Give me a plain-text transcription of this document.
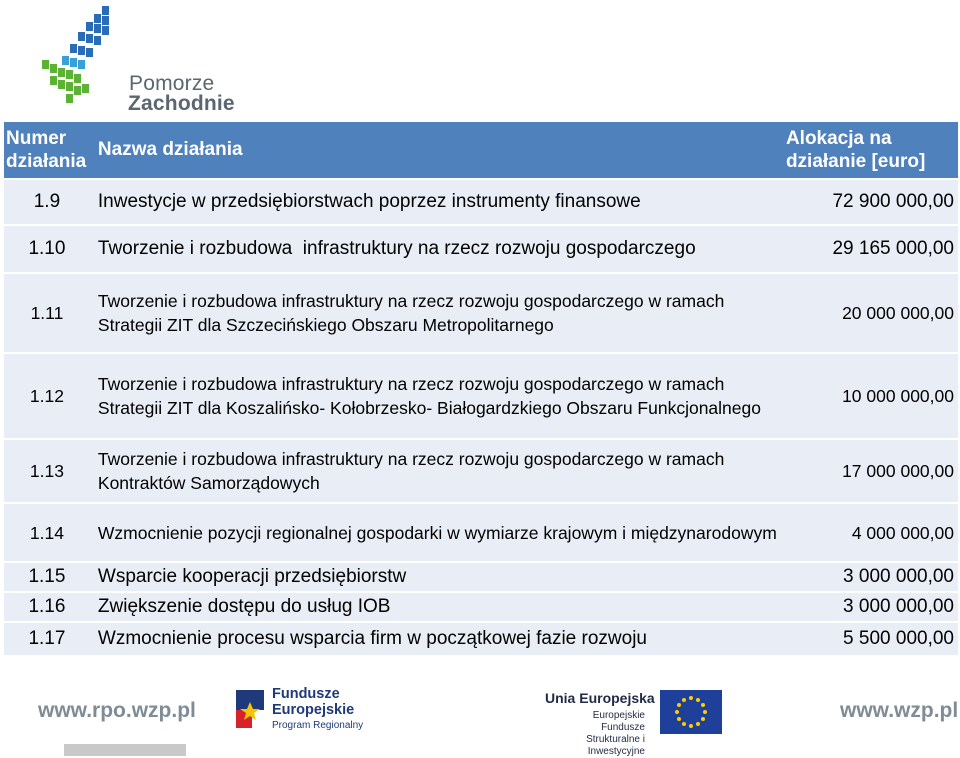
Pomorze
Zachodnie
Numer działania	Nazwa działania	Alokacja na działanie [euro]
1.9	Inwestycje w przedsiębiorstwach poprzez instrumenty finansowe	72 900 000,00
1.10	Tworzenie i rozbudowa  infrastruktury na rzecz rozwoju gospodarczego	29 165 000,00
1.11	Tworzenie i rozbudowa infrastruktury na rzecz rozwoju gospodarczego w ramach Strategii ZIT dla Szczecińskiego Obszaru Metropolitarnego	20 000 000,00
1.12	Tworzenie i rozbudowa infrastruktury na rzecz rozwoju gospodarczego w ramach Strategii ZIT dla Koszalińsko- Kołobrzesko- Białogardzkiego Obszaru Funkcjonalnego	10 000 000,00
1.13	Tworzenie i rozbudowa infrastruktury na rzecz rozwoju gospodarczego w ramach Kontraktów Samorządowych	17 000 000,00
1.14	Wzmocnienie pozycji regionalnej gospodarki w wymiarze krajowym i międzynarodowym	4 000 000,00
1.15	Wsparcie kooperacji przedsiębiorstw	3 000 000,00
1.16	Zwiększenie dostępu do usług IOB	3 000 000,00
1.17	Wzmocnienie procesu wsparcia firm w początkowej fazie rozwoju	5 500 000,00
www.rpo.wzp.pl
Fundusze Europejskie
Program Regionalny
Unia Europejska
Europejskie Fundusze Strukturalne i Inwestycyjne
www.wzp.pl
